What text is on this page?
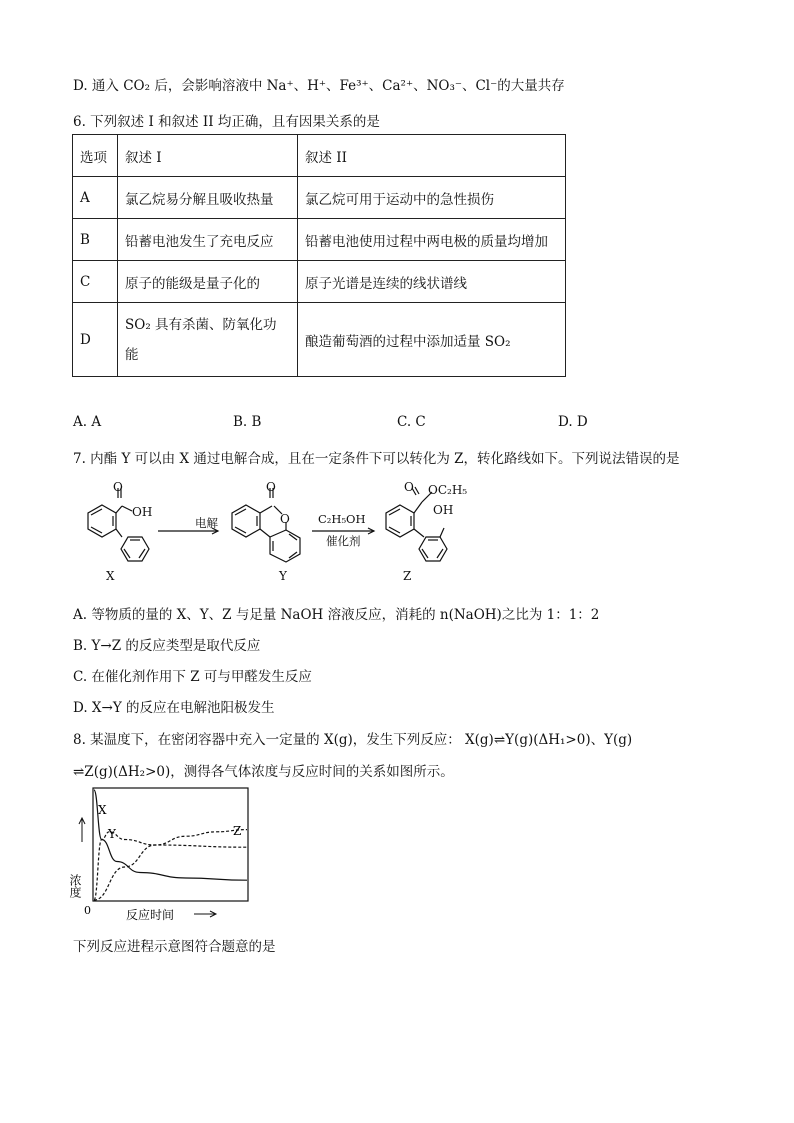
D. 通入 CO₂ 后，会影响溶液中 Na⁺、H⁺、Fe³⁺、Ca²⁺、NO₃⁻、Cl⁻的大量共存
6. 下列叙述 I 和叙述 II 均正确，且有因果关系的是
选项	叙述 I	叙述 II
A	氯乙烷易分解且吸收热量	氯乙烷可用于运动中的急性损伤
B	铅蓄电池发生了充电反应	铅蓄电池使用过程中两电极的质量均增加
C	原子的能级是量子化的	原子光谱是连续的线状谱线
D	SO₂ 具有杀菌、防氧化功能	酿造葡萄酒的过程中添加适量 SO₂
A. A	B. B	C. C	D. D
7. 内酯 Y 可以由 X 通过电解合成，且在一定条件下可以转化为 Z，转化路线如下。下列说法错误的是
O
OH
O
O
O OC₂H₅
OH
电解	C₂H₅OH
催化剂
X	Y	Z
A. 等物质的量的 X、Y、Z 与足量 NaOH 溶液反应，消耗的 n(NaOH)之比为 1：1：2
B. Y→Z 的反应类型是取代反应
C. 在催化剂作用下 Z 可与甲醛发生反应
D. X→Y 的反应在电解池阳极发生
8. 某温度下，在密闭容器中充入一定量的 X(g)，发生下列反应： X(g)⇌Y(g)(ΔH₁>0)、Y(g)
⇌Z(g)(ΔH₂>0)，测得各气体浓度与反应时间的关系如图所示。
浓度
反应时间
0
X
Y	Z
下列反应进程示意图符合题意的是
